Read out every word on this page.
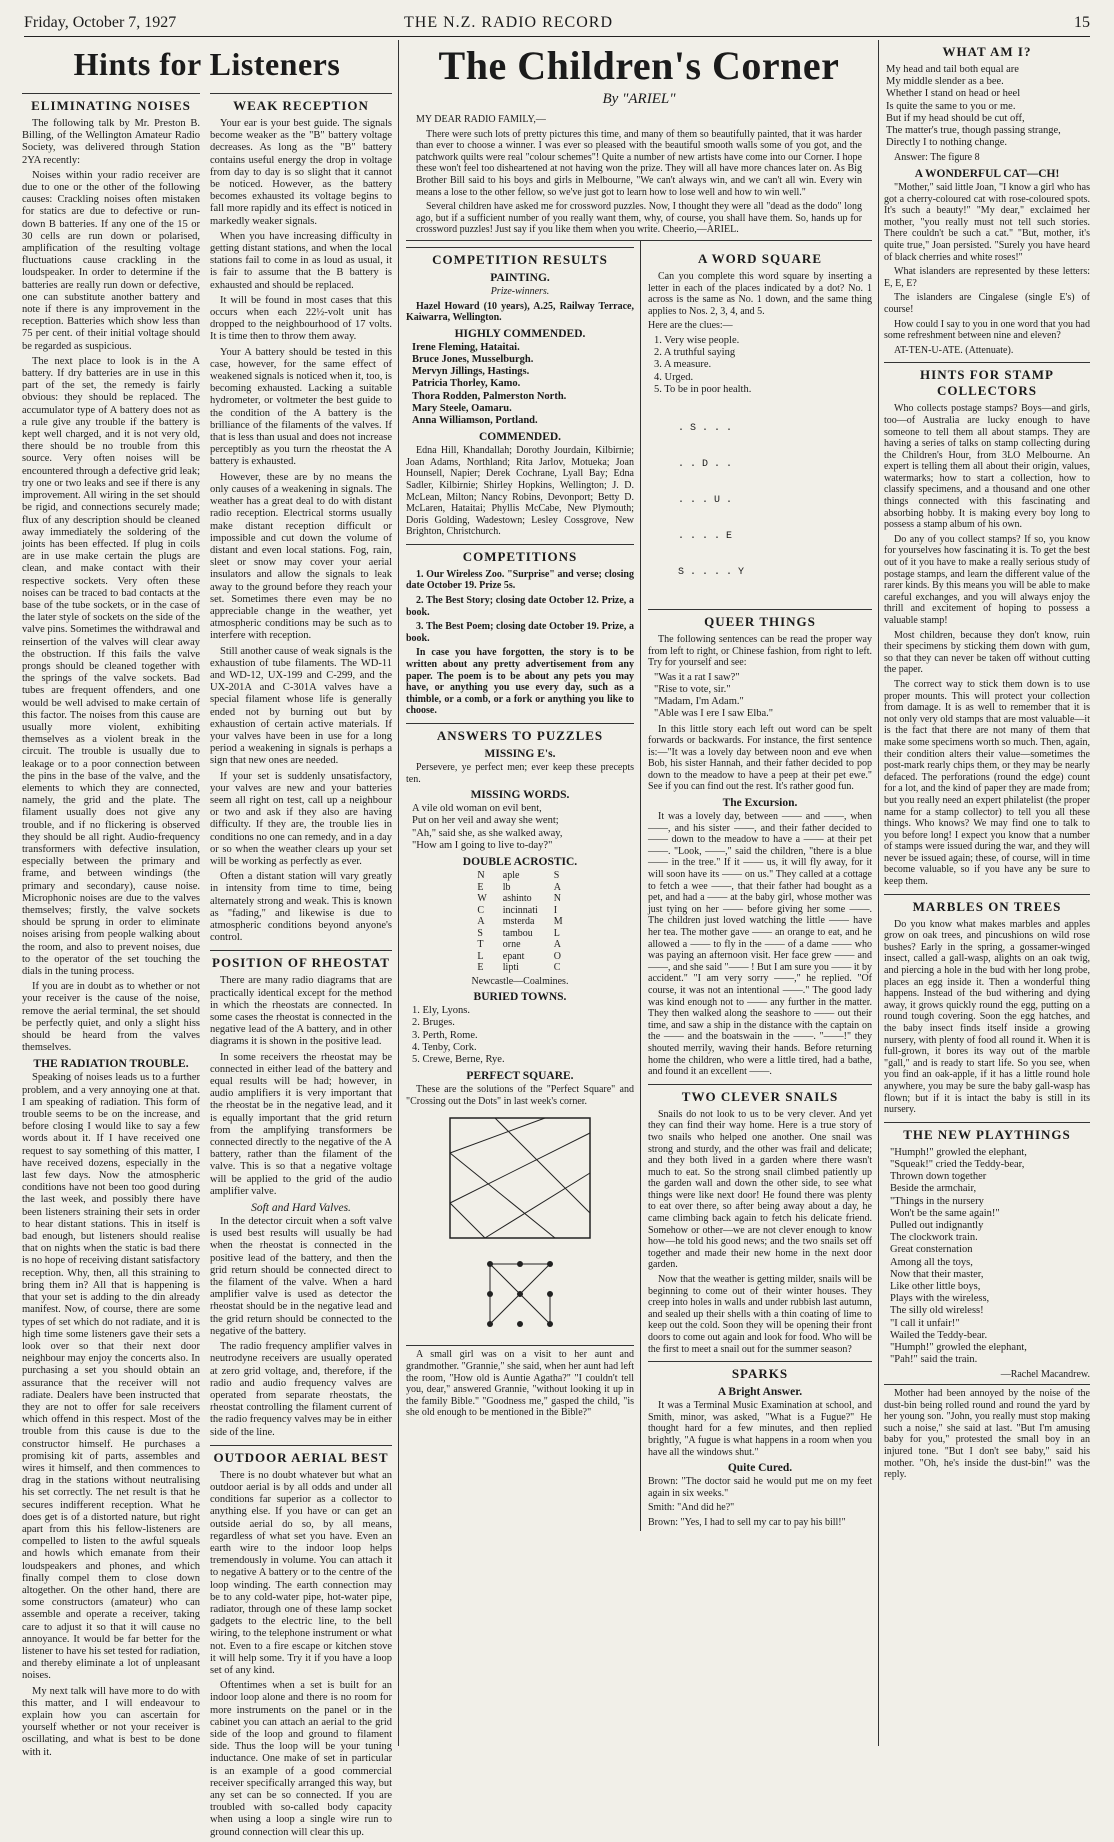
Friday, October 7, 1927	THE N.Z. RADIO RECORD	15
Hints for Listeners
ELIMINATING NOISES

The following talk by Mr. Preston B. Billing, of the Wellington Amateur Radio Society, was delivered through Station 2YA recently:

Noises within your radio receiver are due to one or the other of the following causes: Crackling noises often mistaken for statics are due to defective or run-down B batteries. If any one of the 15 or 30 cells are run down or polarised, amplification of the resulting voltage fluctuations cause crackling in the loudspeaker. In order to determine if the batteries are really run down or defective, one can substitute another battery and note if there is any improvement in the reception. Batteries which show less than 75 per cent. of their initial voltage should be regarded as suspicious.

The next place to look is in the A battery. If dry batteries are in use in this part of the set, the remedy is fairly obvious: they should be replaced. The accumulator type of A battery does not as a rule give any trouble if the battery is kept well charged, and it is not very old, there should be no trouble from this source. Very often noises will be encountered through a defective grid leak; try one or two leaks and see if there is any improvement. All wiring in the set should be rigid, and connections securely made; flux of any description should be cleaned away immediately the soldering of the joints has been effected. If plug in coils are in use make certain the plugs are clean, and make contact with their respective sockets. Very often these noises can be traced to bad contacts at the base of the tube sockets, or in the case of the later style of sockets on the side of the valve pins. Sometimes the withdrawal and reinsertion of the valves will clear away the obstruction. If this fails the valve prongs should be cleaned together with the springs of the valve sockets. Bad tubes are frequent offenders, and one would be well advised to make certain of this factor. The noises from this cause are usually more violent, exhibiting themselves as a violent break in the circuit. The trouble is usually due to leakage or to a poor connection between the pins in the base of the valve, and the elements to which they are connected, namely, the grid and the plate. The filament usually does not give any trouble, and if no flickering is observed they should be all right. Audio-frequency transformers with defective insulation, especially between the primary and frame, and between windings (the primary and secondary), cause noise. Microphonic noises are due to the valves themselves; firstly, the valve sockets should be sprung in order to eliminate noises arising from people walking about the room, and also to prevent noises, due to the operator of the set touching the dials in the tuning process.

If you are in doubt as to whether or not your receiver is the cause of the noise, remove the aerial terminal, the set should be perfectly quiet, and only a slight hiss should be heard from the valves themselves.

THE RADIATION TROUBLE.

Speaking of noises leads us to a further problem, and a very annoying one at that. I am speaking of radiation. This form of trouble seems to be on the increase, and before closing I would like to say a few words about it. If I have received one request to say something of this matter, I have received dozens, especially in the last few days. Now the atmospheric conditions have not been too good during the last week, and possibly there have been listeners straining their sets in order to hear distant stations. This in itself is bad enough, but listeners should realise that on nights when the static is bad there is no hope of receiving distant satisfactory reception. Why, then, all this straining to bring them in? All that is happening is that your set is adding to the din already manifest. Now, of course, there are some types of set which do not radiate, and it is high time some listeners gave their sets a look over so that their next door neighbour may enjoy the concerts also. In purchasing a set you should obtain an assurance that the receiver will not radiate. Dealers have been instructed that they are not to offer for sale receivers which offend in this respect. Most of the trouble from this cause is due to the constructor himself. He purchases a promising kit of parts, assembles and wires it himself, and then commences to drag in the stations without neutralising his set correctly. The net result is that he secures indifferent reception. What he does get is of a distorted nature, but right apart from this his fellow-listeners are compelled to listen to the awful squeals and howls which emanate from their loudspeakers and phones, and which finally compel them to close down altogether. On the other hand, there are some constructors (amateur) who can assemble and operate a receiver, taking care to adjust it so that it will cause no annoyance. It would be far better for the listener to have his set tested for radiation, and thereby eliminate a lot of unpleasant noises.

My next talk will have more to do with this matter, and I will endeavour to explain how you can ascertain for yourself whether or not your receiver is oscillating, and what is best to be done with it.

WEAK RECEPTION

Your ear is your best guide. The signals become weaker as the "B" battery voltage decreases. As long as the "B" battery contains useful energy the drop in voltage from day to day is so slight that it cannot be noticed. However, as the battery becomes exhausted its voltage begins to fall more rapidly and its effect is noticed in markedly weaker signals.

When you have increasing difficulty in getting distant stations, and when the local stations fail to come in as loud as usual, it is fair to assume that the B battery is exhausted and should be replaced.

It will be found in most cases that this occurs when each 22½-volt unit has dropped to the neighbourhood of 17 volts. It is time then to throw them away.

Your A battery should be tested in this case, however, for the same effect of weakened signals is noticed when it, too, is becoming exhausted. Lacking a suitable hydrometer, or voltmeter the best guide to the condition of the A battery is the brilliance of the filaments of the valves. If that is less than usual and does not increase perceptibly as you turn the rheostat the A battery is exhausted.

However, these are by no means the only causes of a weakening in signals. The weather has a great deal to do with distant radio reception. Electrical storms usually make distant reception difficult or impossible and cut down the volume of distant and even local stations. Fog, rain, sleet or snow may cover your aerial insulators and allow the signals to leak away to the ground before they reach your set. Sometimes there even may be no appreciable change in the weather, yet atmospheric conditions may be such as to interfere with reception.

Still another cause of weak signals is the exhaustion of tube filaments. The WD-11 and WD-12, UX-199 and C-299, and the UX-201A and C-301A valves have a special filament whose life is generally ended not by burning out but by exhaustion of certain active materials. If your valves have been in use for a long period a weakening in signals is perhaps a sign that new ones are needed.

If your set is suddenly unsatisfactory, your valves are new and your batteries seem all right on test, call up a neighbour or two and ask if they also are having difficulty. If they are, the trouble lies in conditions no one can remedy, and in a day or so when the weather clears up your set will be working as perfectly as ever.

Often a distant station will vary greatly in intensity from time to time, being alternately strong and weak. This is known as "fading," and likewise is due to atmospheric conditions beyond anyone's control.

POSITION OF RHEOSTAT

There are many radio diagrams that are practically identical except for the method in which the rheostats are connected. In some cases the rheostat is connected in the negative lead of the A battery, and in other diagrams it is shown in the positive lead.

In some receivers the rheostat may be connected in either lead of the battery and equal results will be had; however, in audio amplifiers it is very important that the rheostat be in the negative lead, and it is equally important that the grid return from the amplifying transformers be connected directly to the negative of the A battery, rather than the filament of the valve. This is so that a negative voltage will be applied to the grid of the audio amplifier valve.

Soft and Hard Valves.

In the detector circuit when a soft valve is used best results will usually be had when the rheostat is connected in the positive lead of the battery, and then the grid return should be connected direct to the filament of the valve. When a hard amplifier valve is used as detector the rheostat should be in the negative lead and the grid return should be connected to the negative of the battery.

The radio frequency amplifier valves in neutrodyne receivers are usually operated at zero grid voltage, and, therefore, if the radio and audio frequency valves are operated from separate rheostats, the rheostat controlling the filament current of the radio frequency valves may be in either side of the line.

OUTDOOR AERIAL BEST

There is no doubt whatever but what an outdoor aerial is by all odds and under all conditions far superior as a collector to anything else. If you have or can get an outside aerial do so, by all means, regardless of what set you have. Even an earth wire to the indoor loop helps tremendously in volume. You can attach it to negative A battery or to the centre of the loop winding. The earth connection may be to any cold-water pipe, hot-water pipe, radiator, through one of these lamp socket gadgets to the electric line, to the bell wiring, to the telephone instrument or what not. Even to a fire escape or kitchen stove it will help some. Try it if you have a loop set of any kind.

Oftentimes when a set is built for an indoor loop alone and there is no room for more instruments on the panel or in the cabinet you can attach an aerial to the grid side of the loop and ground to filament side. Thus the loop will be your tuning inductance. One make of set in particular is an example of a good commercial receiver specifically arranged this way, but any set can be so connected. If you are troubled with so-called body capacity when using a loop a single wire run to ground connection will clear this up.

The Children's Corner
By "ARIEL"

MY DEAR RADIO FAMILY,—

There were such lots of pretty pictures this time, and many of them so beautifully painted, that it was harder than ever to choose a winner. I was ever so pleased with the beautiful smooth walls some of you got, and the patchwork quilts were real "colour schemes"! Quite a number of new artists have come into our Corner. I hope these won't feel too disheartened at not having won the prize. They will all have more chances later on. As Big Brother Bill said to his boys and girls in Melbourne, "We can't always win, and we can't all win. Every win means a lose to the other fellow, so we've just got to learn how to lose well and how to win well."

Several children have asked me for crossword puzzles. Now, I thought they were all "dead as the dodo" long ago, but if a sufficient number of you really want them, why, of course, you shall have them. So, hands up for crossword puzzles! Just say if you like them when you write. Cheerio,—ARIEL.

COMPETITION RESULTS
PAINTING.

Prize-winners.

Hazel Howard (10 years), A.25, Railway Terrace, Kaiwarra, Wellington.

HIGHLY COMMENDED.
Irene Fleming, Hataitai.
Bruce Jones, Musselburgh.
Mervyn Jillings, Hastings.
Patricia Thorley, Kamo.
Thora Rodden, Palmerston North.
Mary Steele, Oamaru.
Anna Williamson, Portland.
COMMENDED.

Edna Hill, Khandallah; Dorothy Jourdain, Kilbirnie; Joan Adams, Northland; Rita Jarlov, Motueka; Joan Hounsell, Napier; Derek Cochrane, Lyall Bay; Edna Sadler, Kilbirnie; Shirley Hopkins, Wellington; J. D. McLean, Milton; Nancy Robins, Devonport; Betty D. McLaren, Hataitai; Phyllis McCabe, New Plymouth; Doris Golding, Wadestown; Lesley Cossgrove, New Brighton, Christchurch.

COMPETITIONS

1. Our Wireless Zoo. "Surprise" and verse; closing date October 19. Prize 5s.

2. The Best Story; closing date October 12. Prize, a book.

3. The Best Poem; closing date October 19. Prize, a book.

In case you have forgotten, the story is to be written about any pretty advertisement from any paper. The poem is to be about any pets you may have, or anything you use every day, such as a thimble, or a comb, or a fork or anything you like to choose.

ANSWERS TO PUZZLES
MISSING E's.

Persevere, ye perfect men; ever keep these precepts ten.

MISSING WORDS.
A vile old woman on evil bent,
Put on her veil and away she went;
"Ah," said she, as she walked away,
"How am I going to live to-day?"
DOUBLE ACROSTIC.
N	aple	S
E	lb	A
W	ashinto	N
C	incinnati	I
A	msterda	M
S	tambou	L
T	orne	A
L	epant	O
E	lipti	C

Newcastle—Coalmines.

BURIED TOWNS.
1. Ely, Lyons.
2. Bruges.
3. Perth, Rome.
4. Tenby, Cork.
5. Crewe, Berne, Rye.
PERFECT SQUARE.

These are the solutions of the "Perfect Square" and "Crossing out the Dots" in last week's corner.

A small girl was on a visit to her aunt and grandmother. "Grannie," she said, when her aunt had left the room, "How old is Auntie Agatha?" "I couldn't tell you, dear," answered Grannie, "without looking it up in the family Bible." "Goodness me," gasped the child, "is she old enough to be mentioned in the Bible?"

A WORD SQUARE

Can you complete this word square by inserting a letter in each of the places indicated by a dot? No. 1 across is the same as No. 1 down, and the same thing applies to Nos. 2, 3, 4, and 5.

Here are the clues:—

1. Very wise people.
2. A truthful saying
3. A measure.
4. Urged.
5. To be in poor health.

. S . . .

. . D . .

. . . U .

. . . . E

S . . . . Y

QUEER THINGS

The following sentences can be read the proper way from left to right, or Chinese fashion, from right to left. Try for yourself and see:

"Was it a rat I saw?"
"Rise to vote, sir."
"Madam, I'm Adam."
"Able was I ere I saw Elba."

In this little story each left out word can be spelt forwards or backwards. For instance, the first sentence is:—"It was a lovely day between noon and eve when Bob, his sister Hannah, and their father decided to pop down to the meadow to have a peep at their pet ewe." See if you can find out the rest. It's rather good fun.

The Excursion.

It was a lovely day, between —— and ——, when ——, and his sister ——, and their father decided to —— down to the meadow to have a —— at their pet ——. "Look, ——," said the children, "there is a blue —— in the tree." If it —— us, it will fly away, for it will soon have its —— on us." They called at a cottage to fetch a wee ——, that their father had bought as a pet, and had a —— at the baby girl, whose mother was just tying on her —— before giving her some ——. The children just loved watching the little —— have her tea. The mother gave —— an orange to eat, and he allowed a —— to fly in the —— of a dame —— who was paying an afternoon visit. Her face grew —— and ——, and she said "—— ! But I am sure you —— it by accident." "I am very sorry ——," he replied. "Of course, it was not an intentional ——." The good lady was kind enough not to —— any further in the matter. They then walked along the seashore to —— out their time, and saw a ship in the distance with the captain on the —— and the boatswain in the ——. "——!" they shouted merrily, waving their hands. Before returning home the children, who were a little tired, had a bathe, and found it an excellent ——.

TWO CLEVER SNAILS

Snails do not look to us to be very clever. And yet they can find their way home. Here is a true story of two snails who helped one another. One snail was strong and sturdy, and the other was frail and delicate; and they both lived in a garden where there wasn't much to eat. So the strong snail climbed patiently up the garden wall and down the other side, to see what things were like next door! He found there was plenty to eat over there, so after being away about a day, he came climbing back again to fetch his delicate friend. Somehow or other—we are not clever enough to know how—he told his good news; and the two snails set off together and made their new home in the next door garden.

Now that the weather is getting milder, snails will be beginning to come out of their winter houses. They creep into holes in walls and under rubbish last autumn, and sealed up their shells with a thin coating of lime to keep out the cold. Soon they will be opening their front doors to come out again and look for food. Who will be the first to meet a snail out for the summer season?

SPARKS
A Bright Answer.

It was a Terminal Music Examination at school, and Smith, minor, was asked, "What is a Fugue?" He thought hard for a few minutes, and then replied brightly, "A fugue is what happens in a room when you have all the windows shut."

Quite Cured.

Brown: "The doctor said he would put me on my feet again in six weeks."

Smith: "And did he?"

Brown: "Yes, I had to sell my car to pay his bill!"

WHAT AM I?
My head and tail both equal are
My middle slender as a bee.
Whether I stand on head or heel
Is quite the same to you or me.
But if my head should be cut off,
The matter's true, though passing strange,
Directly I to nothing change.

Answer: The figure 8

A WONDERFUL CAT—CH!

"Mother," said little Joan, "I know a girl who has got a cherry-coloured cat with rose-coloured spots. It's such a beauty!" "My dear," exclaimed her mother, "you really must not tell such stories. There couldn't be such a cat." "But, mother, it's quite true," Joan persisted. "Surely you have heard of black cherries and white roses!"

What islanders are represented by these letters: E, E, E?

The islanders are Cingalese (single E's) of course!

How could I say to you in one word that you had some refreshment between nine and eleven?

AT-TEN-U-ATE. (Attenuate).

HINTS FOR STAMP COLLECTORS

Who collects postage stamps? Boys—and girls, too—of Australia are lucky enough to have someone to tell them all about stamps. They are having a series of talks on stamp collecting during the Children's Hour, from 3LO Melbourne. An expert is telling them all about their origin, values, watermarks; how to start a collection, how to classify specimens, and a thousand and one other things connected with this fascinating and absorbing hobby. It is making every boy long to possess a stamp album of his own.

Do any of you collect stamps? If so, you know for yourselves how fascinating it is. To get the best out of it you have to make a really serious study of postage stamps, and learn the different value of the rarer kinds. By this means you will be able to make careful exchanges, and you will always enjoy the thrill and excitement of hoping to possess a valuable stamp!

Most children, because they don't know, ruin their specimens by sticking them down with gum, so that they can never be taken off without cutting the paper.

The correct way to stick them down is to use proper mounts. This will protect your collection from damage. It is as well to remember that it is not only very old stamps that are most valuable—it is the fact that there are not many of them that make some specimens worth so much. Then, again, their condition alters their value—sometimes the post-mark rearly chips them, or they may be nearly defaced. The perforations (round the edge) count for a lot, and the kind of paper they are made from; but you really need an expert philatelist (the proper name for a stamp collector) to tell you all these things. Who knows? We may find one to talk to you before long! I expect you know that a number of stamps were issued during the war, and they will never be issued again; these, of course, will in time become valuable, so if you have any be sure to keep them.

MARBLES ON TREES

Do you know what makes marbles and apples grow on oak trees, and pincushions on wild rose bushes? Early in the spring, a gossamer-winged insect, called a gall-wasp, alights on an oak twig, and piercing a hole in the bud with her long probe, places an egg inside it. Then a wonderful thing happens. Instead of the bud withering and dying away, it grows quickly round the egg, putting on a round tough covering. Soon the egg hatches, and the baby insect finds itself inside a growing nursery, with plenty of food all round it. When it is full-grown, it bores its way out of the marble "gall," and is ready to start life. So you see, when you find an oak-apple, if it has a little round hole anywhere, you may be sure the baby gall-wasp has flown; but if it is intact the baby is still in its nursery.

THE NEW PLAYTHINGS
"Humph!" growled the elephant,
"Squeak!" cried the Teddy-bear,
Thrown down together
Beside the armchair,
"Things in the nursery
Won't be the same again!"
Pulled out indignantly
The clockwork train.
Great consternation
Among all the toys,
Now that their master,
Like other little boys,
Plays with the wireless,
The silly old wireless!
"I call it unfair!"
Wailed the Teddy-bear.
"Humph!" growled the elephant,
"Pah!" said the train.

—Rachel Macandrew.

Mother had been annoyed by the noise of the dust-bin being rolled round and round the yard by her young son. "John, you really must stop making such a noise," she said at last. "But I'm amusing baby for you," protested the small boy in an injured tone. "But I don't see baby," said his mother. "Oh, he's inside the dust-bin!" was the reply.
